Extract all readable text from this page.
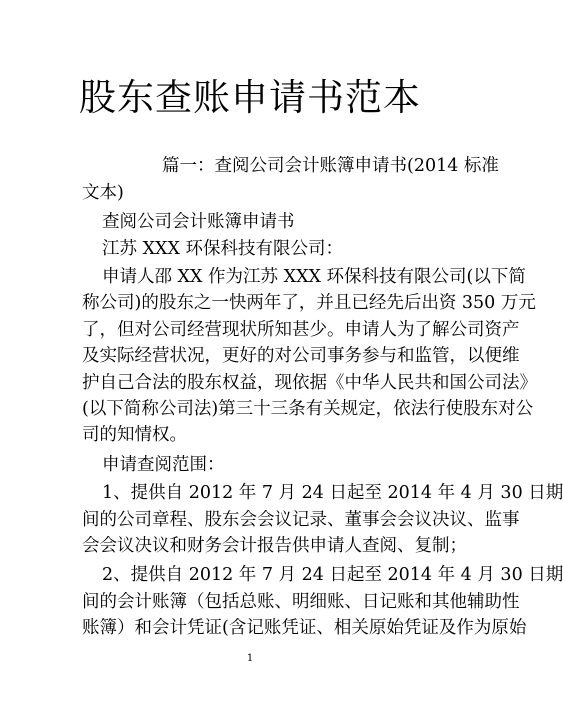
股东查账申请书范本
篇一：查阅公司会计账簿申请书(2014 标准
文本)
查阅公司会计账簿申请书
江苏 XXX 环保科技有限公司：
申请人邵 XX 作为江苏 XXX 环保科技有限公司(以下简
称公司)的股东之一快两年了，并且已经先后出资 350 万元
了，但对公司经营现状所知甚少。申请人为了解公司资产
及实际经营状况，更好的对公司事务参与和监管，以便维
护自己合法的股东权益，现依据《中华人民共和国公司法》
(以下简称公司法)第三十三条有关规定，依法行使股东对公
司的知情权。
申请查阅范围：
1、提供自 2012 年 7 月 24 日起至 2014 年 4 月 30 日期
间的公司章程、股东会会议记录、董事会会议决议、监事
会会议决议和财务会计报告供申请人查阅、复制；
2、提供自 2012 年 7 月 24 日起至 2014 年 4 月 30 日期
间的会计账簿（包括总账、明细账、日记账和其他辅助性
账簿）和会计凭证(含记账凭证、相关原始凭证及作为原始
1
